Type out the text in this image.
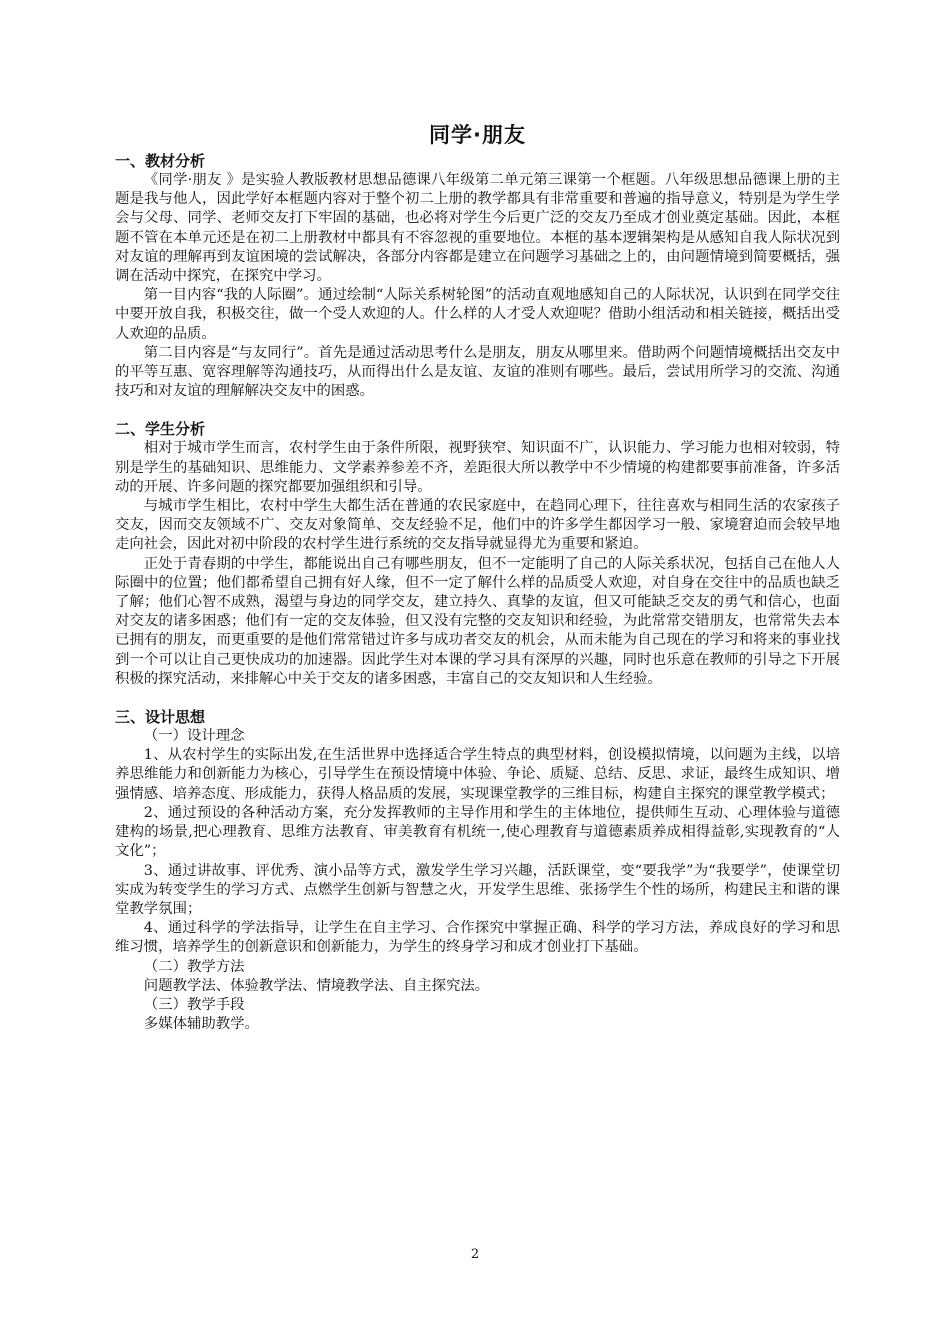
同学·朋友
一、教材分析

《同学·朋友 》是实验人教版教材思想品德课八年级第二单元第三课第一个框题。八年级思想品德课上册的主题是我与他人，因此学好本框题内容对于整个初二上册的教学都具有非常重要和普遍的指导意义，特别是为学生学会与父母、同学、老师交友打下牢固的基础，也必将对学生今后更广泛的交友乃至成才创业奠定基础。因此，本框题不管在本单元还是在初二上册教材中都具有不容忽视的重要地位。本框的基本逻辑架构是从感知自我人际状况到对友谊的理解再到友谊困境的尝试解决，各部分内容都是建立在问题学习基础之上的，由问题情境到简要概括，强调在活动中探究，在探究中学习。

第一目内容“我的人际圈”。通过绘制“人际关系树轮图”的活动直观地感知自己的人际状况，认识到在同学交往中要开放自我，积极交往，做一个受人欢迎的人。什么样的人才受人欢迎呢？借助小组活动和相关链接，概括出受人欢迎的品质。

第二目内容是“与友同行”。首先是通过活动思考什么是朋友，朋友从哪里来。借助两个问题情境概括出交友中的平等互惠、宽容理解等沟通技巧，从而得出什么是友谊、友谊的准则有哪些。最后，尝试用所学习的交流、沟通技巧和对友谊的理解解决交友中的困惑。

二、学生分析

相对于城市学生而言，农村学生由于条件所限，视野狭窄、知识面不广，认识能力、学习能力也相对较弱，特别是学生的基础知识、思维能力、文学素养参差不齐，差距很大所以教学中不少情境的构建都要事前准备，许多活动的开展、许多问题的探究都要加强组织和引导。

与城市学生相比，农村中学生大都生活在普通的农民家庭中，在趋同心理下，往往喜欢与相同生活的农家孩子交友，因而交友领域不广、交友对象简单、交友经验不足，他们中的许多学生都因学习一般、家境窘迫而会较早地走向社会，因此对初中阶段的农村学生进行系统的交友指导就显得尤为重要和紧迫。

正处于青春期的中学生，都能说出自己有哪些朋友，但不一定能明了自己的人际关系状况，包括自己在他人人际圈中的位置；他们都希望自己拥有好人缘，但不一定了解什么样的品质受人欢迎，对自身在交往中的品质也缺乏了解；他们心智不成熟，渴望与身边的同学交友，建立持久、真挚的友谊，但又可能缺乏交友的勇气和信心，也面对交友的诸多困惑；他们有一定的交友体验，但又没有完整的交友知识和经验，为此常常交错朋友，也常常失去本已拥有的朋友，而更重要的是他们常常错过许多与成功者交友的机会，从而未能为自己现在的学习和将来的事业找到一个可以让自己更快成功的加速器。因此学生对本课的学习具有深厚的兴趣，同时也乐意在教师的引导之下开展积极的探究活动，来排解心中关于交友的诸多困惑，丰富自己的交友知识和人生经验。

三、设计思想

（一）设计理念

1、从农村学生的实际出发,在生活世界中选择适合学生特点的典型材料，创设模拟情境，以问题为主线，以培养思维能力和创新能力为核心，引导学生在预设情境中体验、争论、质疑、总结、反思、求证，最终生成知识、增强情感、培养态度、形成能力，获得人格品质的发展，实现课堂教学的三维目标，构建自主探究的课堂教学模式；

2、通过预设的各种活动方案，充分发挥教师的主导作用和学生的主体地位，提供师生互动、心理体验与道德建构的场景,把心理教育、思维方法教育、审美教育有机统一,使心理教育与道德素质养成相得益彰,实现教育的“人文化”；

3、通过讲故事、评优秀、演小品等方式，激发学生学习兴趣，活跃课堂，变“要我学”为“我要学”，使课堂切实成为转变学生的学习方式、点燃学生创新与智慧之火，开发学生思维、张扬学生个性的场所，构建民主和谐的课堂教学氛围；

4、通过科学的学法指导，让学生在自主学习、合作探究中掌握正确、科学的学习方法，养成良好的学习和思维习惯，培养学生的创新意识和创新能力，为学生的终身学习和成才创业打下基础。

（二）教学方法

问题教学法、体验教学法、情境教学法、自主探究法。

（三）教学手段

多媒体辅助教学。

2
